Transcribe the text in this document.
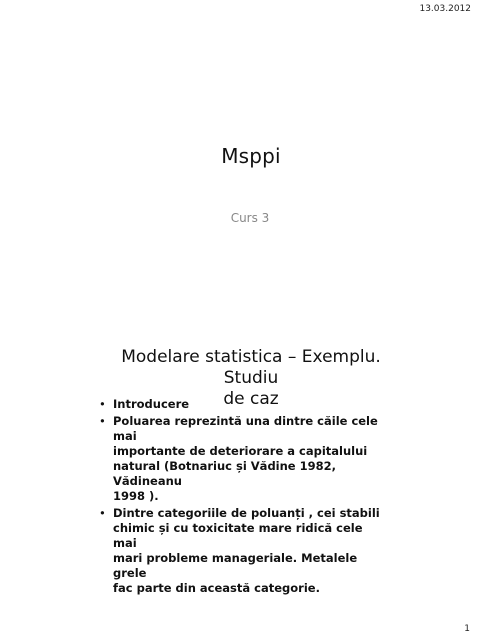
13.03.2012
Msppi
Curs 3
Modelare statistica – Exemplu. Studiu
de caz
• Introducere
• Poluarea reprezintă una dintre căile cele mai
importante de deteriorare a capitalului
natural (Botnariuc și Vădine 1982, Vădineanu
1998 ).
• Dintre categoriile de poluanți , cei stabili
chimic și cu toxicitate mare ridică cele mai
mari probleme manageriale. Metalele grele
fac parte din această categorie.
1
